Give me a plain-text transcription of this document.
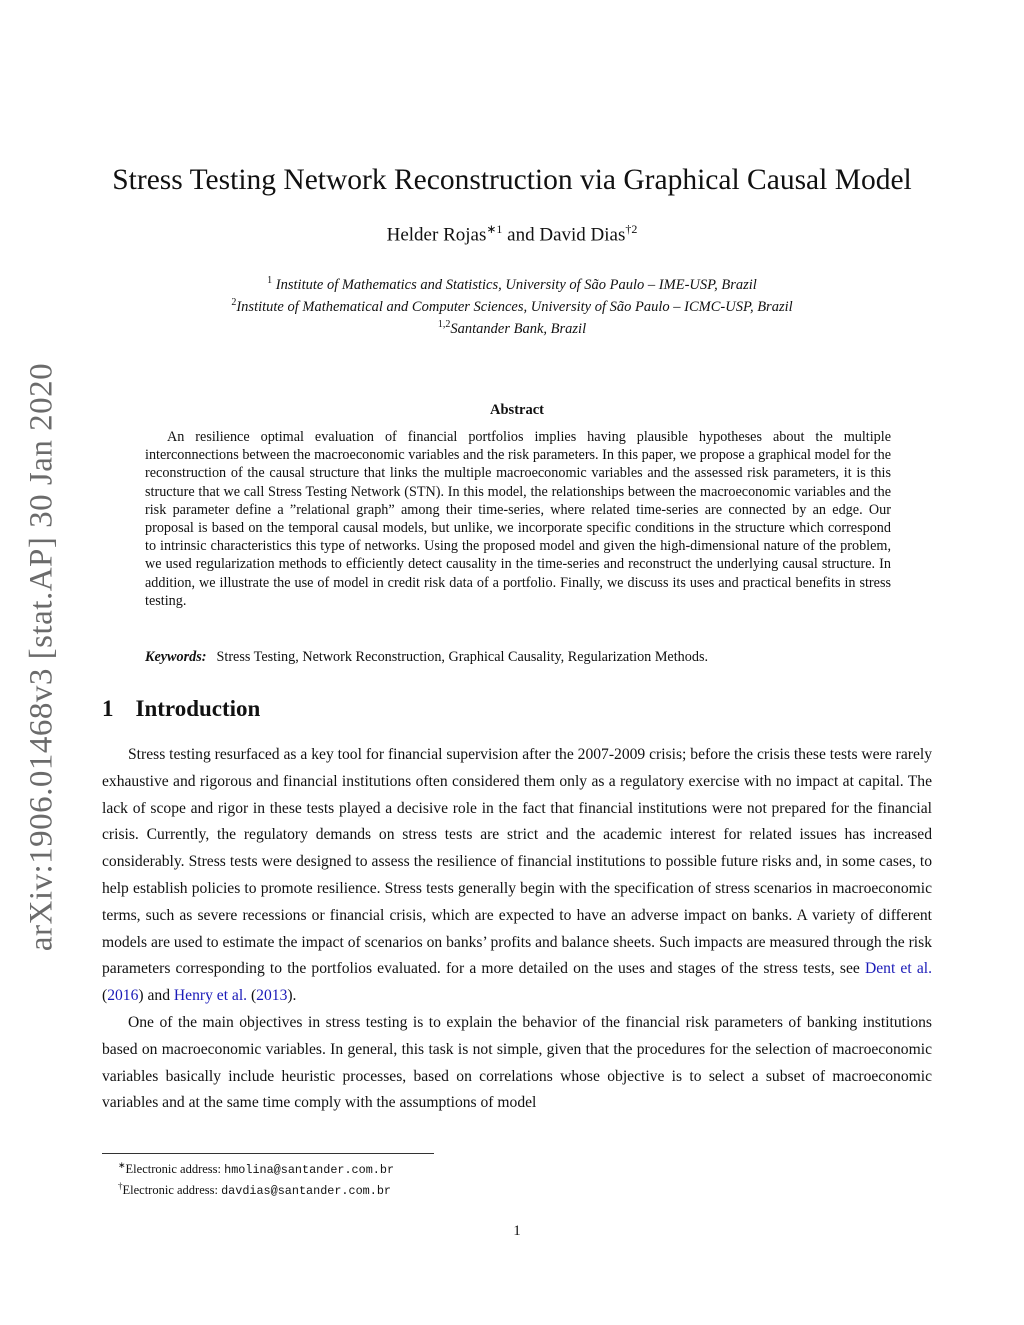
arXiv:1906.01468v3 [stat.AP] 30 Jan 2020
Stress Testing Network Reconstruction via Graphical Causal Model
Helder Rojas$^{∗1}$ and David Dias$^{\dagger 2}$
$^1$ Institute of Mathematics and Statistics, University of São Paulo – IME-USP, Brazil
$^2$Institute of Mathematical and Computer Sciences, University of São Paulo – ICMC-USP, Brazil
$^{1,2}$Santander Bank, Brazil
Abstract

An resilience optimal evaluation of financial portfolios implies having plausible hypotheses about the multiple interconnections between the macroeconomic variables and the risk parameters. In this paper, we propose a graphical model for the reconstruction of the causal structure that links the multiple macroeconomic variables and the assessed risk parameters, it is this structure that we call Stress Testing Network (STN). In this model, the relationships between the macroeconomic variables and the risk parameter define a ”relational graph” among their time-series, where related time-series are connected by an edge. Our proposal is based on the temporal causal models, but unlike, we incorporate specific conditions in the structure which correspond to intrinsic characteristics this type of networks. Using the proposed model and given the high-dimensional nature of the problem, we used regularization methods to efficiently detect causality in the time-series and reconstruct the underlying causal structure. In addition, we illustrate the use of model in credit risk data of a portfolio. Finally, we discuss its uses and practical benefits in stress testing.

Keywords: Stress Testing, Network Reconstruction, Graphical Causality, Regularization Methods.
1 Introduction

Stress testing resurfaced as a key tool for financial supervision after the 2007-2009 crisis; before the crisis these tests were rarely exhaustive and rigorous and financial institutions often considered them only as a regulatory exercise with no impact at capital. The lack of scope and rigor in these tests played a decisive role in the fact that financial institutions were not prepared for the financial crisis. Currently, the regulatory demands on stress tests are strict and the academic interest for related issues has increased considerably. Stress tests were designed to assess the resilience of financial institutions to possible future risks and, in some cases, to help establish policies to promote resilience. Stress tests generally begin with the specification of stress scenarios in macroeconomic terms, such as severe recessions or financial crisis, which are expected to have an adverse impact on banks. A variety of different models are used to estimate the impact of scenarios on banks’ profits and balance sheets. Such impacts are measured through the risk parameters corresponding to the portfolios evaluated. for a more detailed on the uses and stages of the stress tests, see Dent et al. (2016) and Henry et al. (2013).

One of the main objectives in stress testing is to explain the behavior of the financial risk parameters of banking institutions based on macroeconomic variables. In general, this task is not simple, given that the procedures for the selection of macroeconomic variables basically include heuristic processes, based on correlations whose objective is to select a subset of macroeconomic variables and at the same time comply with the assumptions of model

∗Electronic address: hmolina@santander.com.br
†Electronic address: davdias@santander.com.br
1
